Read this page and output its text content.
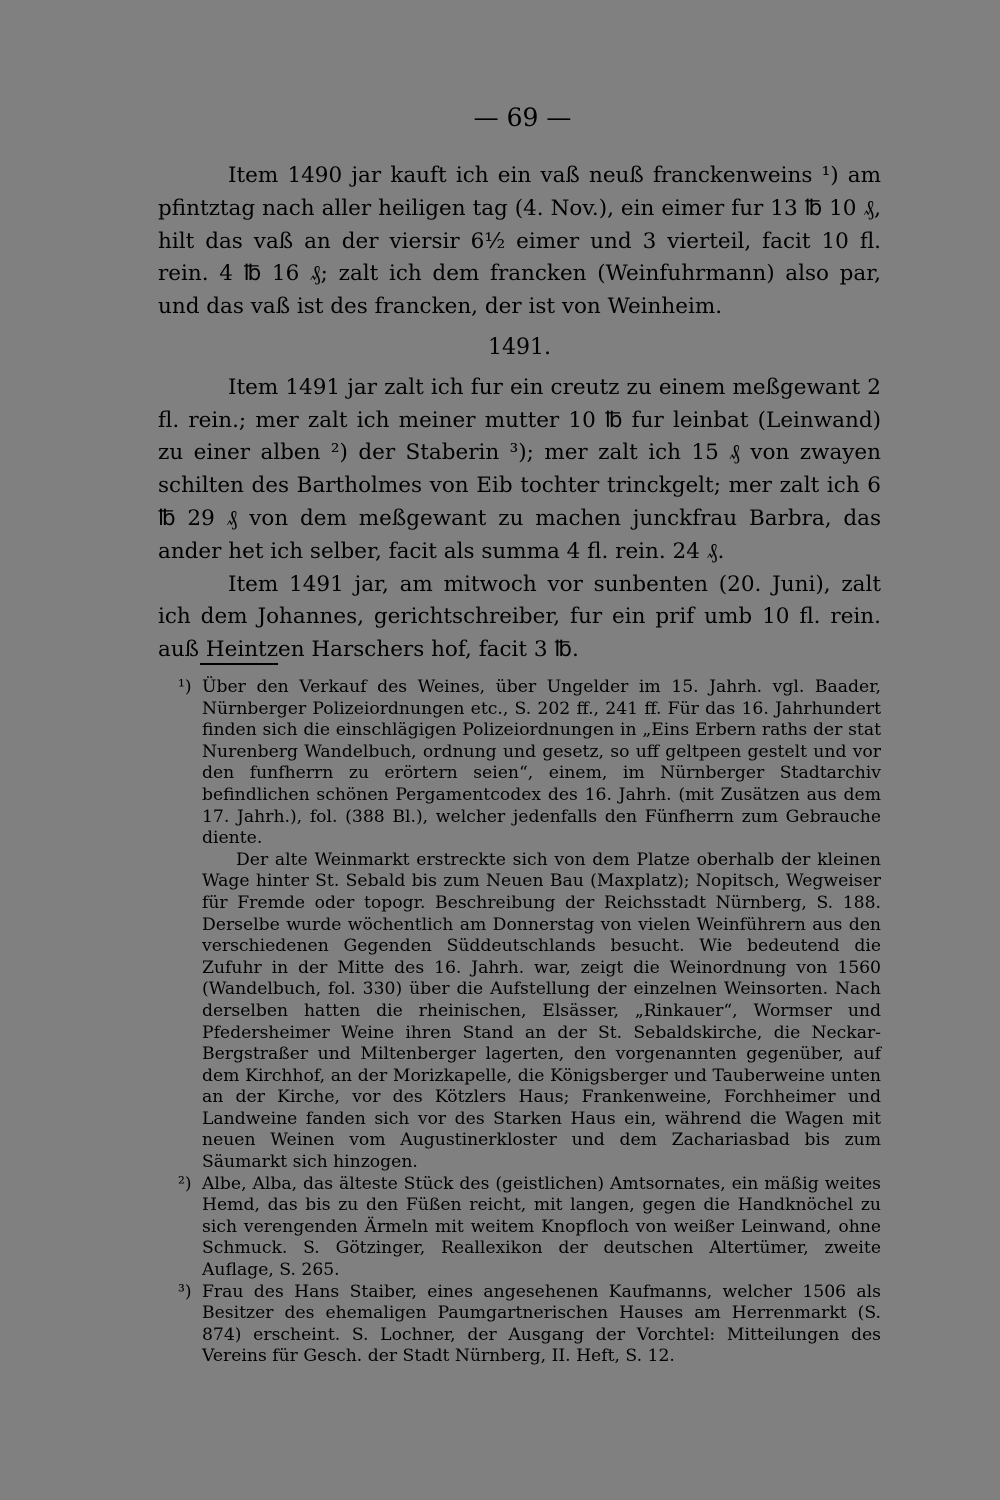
— 69 —

Item 1490 jar kauft ich ein vaß neuß franckenweins ¹) am pfintztag nach aller heiligen tag (4. Nov.), ein eimer fur 13 ℔ 10 ₰, hilt das vaß an der viersir 6½ eimer und 3 vierteil, facit 10 fl. rein. 4 ℔ 16 ₰; zalt ich dem francken (Weinfuhrmann) also par, und das vaß ist des francken, der ist von Weinheim.

1491.

Item 1491 jar zalt ich fur ein creutz zu einem meßgewant 2 fl. rein.; mer zalt ich meiner mutter 10 ℔ fur leinbat (Leinwand) zu einer alben ²) der Staberin ³); mer zalt ich 15 ₰ von zwayen schilten des Bartholmes von Eib tochter trinckgelt; mer zalt ich 6 ℔ 29 ₰ von dem meßgewant zu machen junckfrau Barbra, das ander het ich selber, facit als summa 4 fl. rein. 24 ₰.

Item 1491 jar, am mitwoch vor sunbenten (20. Juni), zalt ich dem Johannes, gerichtschreiber, fur ein prif umb 10 fl. rein. auß Heintzen Harschers hof, facit 3 ℔.

¹) Über den Verkauf des Weines, über Ungelder im 15. Jahrh. vgl. Baader, Nürnberger Polizeiordnungen etc., S. 202 ff., 241 ff. Für das 16. Jahrhundert finden sich die einschlägigen Polizeiordnungen in „Eins Erbern raths der stat Nurenberg Wandelbuch, ordnung und gesetz, so uff geltpeen gestelt und vor den funfherrn zu erörtern seien“, einem, im Nürnberger Stadtarchiv befindlichen schönen Pergamentcodex des 16. Jahrh. (mit Zusätzen aus dem 17. Jahrh.), fol. (388 Bl.), welcher jedenfalls den Fünfherrn zum Gebrauche diente.

Der alte Weinmarkt erstreckte sich von dem Platze oberhalb der kleinen Wage hinter St. Sebald bis zum Neuen Bau (Maxplatz); Nopitsch, Wegweiser für Fremde oder topogr. Beschreibung der Reichsstadt Nürnberg, S. 188. Derselbe wurde wöchentlich am Donnerstag von vielen Weinführern aus den verschiedenen Gegenden Süddeutschlands besucht. Wie bedeutend die Zufuhr in der Mitte des 16. Jahrh. war, zeigt die Weinordnung von 1560 (Wandelbuch, fol. 330) über die Aufstellung der einzelnen Weinsorten. Nach derselben hatten die rheinischen, Elsässer, „Rinkauer“, Wormser und Pfedersheimer Weine ihren Stand an der St. Sebaldskirche, die Neckar-Bergstraßer und Miltenberger lagerten, den vorgenannten gegenüber, auf dem Kirchhof, an der Morizkapelle, die Königsberger und Tauberweine unten an der Kirche, vor des Kötzlers Haus; Frankenweine, Forchheimer und Landweine fanden sich vor des Starken Haus ein, während die Wagen mit neuen Weinen vom Augustinerkloster und dem Zachariasbad bis zum Säumarkt sich hinzogen.

²) Albe, Alba, das älteste Stück des (geistlichen) Amtsornates, ein mäßig weites Hemd, das bis zu den Füßen reicht, mit langen, gegen die Handknöchel zu sich verengenden Ärmeln mit weitem Knopfloch von weißer Leinwand, ohne Schmuck. S. Götzinger, Reallexikon der deutschen Altertümer, zweite Auflage, S. 265.

³) Frau des Hans Staiber, eines angesehenen Kaufmanns, welcher 1506 als Besitzer des ehemaligen Paumgartnerischen Hauses am Herrenmarkt (S. 874) erscheint. S. Lochner, der Ausgang der Vorchtel: Mitteilungen des Vereins für Gesch. der Stadt Nürnberg, II. Heft, S. 12.
